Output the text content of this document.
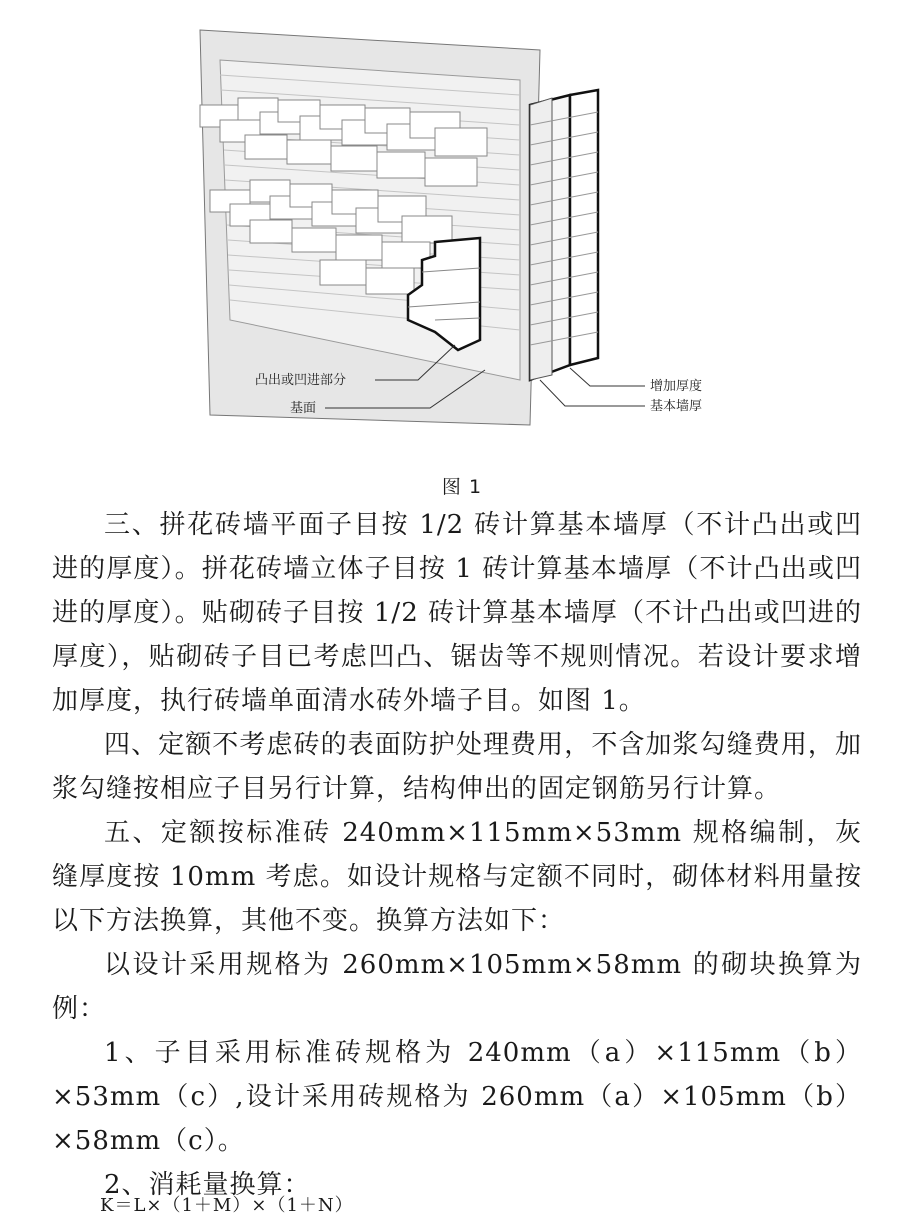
凸出或凹进部分
基面
增加厚度
基本墙厚
图 1

三、拼花砖墙平面子目按 1/2 砖计算基本墙厚（不计凸出或凹进的厚度）。拼花砖墙立体子目按 1 砖计算基本墙厚（不计凸出或凹进的厚度）。贴砌砖子目按 1/2 砖计算基本墙厚（不计凸出或凹进的厚度），贴砌砖子目已考虑凹凸、锯齿等不规则情况。若设计要求增加厚度，执行砖墙单面清水砖外墙子目。如图 1。

四、定额不考虑砖的表面防护处理费用，不含加浆勾缝费用，加浆勾缝按相应子目另行计算，结构伸出的固定钢筋另行计算。

五、定额按标准砖 240mm×115mm×53mm 规格编制，灰缝厚度按 10mm 考虑。如设计规格与定额不同时，砌体材料用量按以下方法换算，其他不变。换算方法如下：

以设计采用规格为 260mm×105mm×58mm 的砌块换算为例：

1、子目采用标准砖规格为 240mm（a）×115mm（b）×53mm（c）,设计采用砖规格为 260mm（a）×105mm（b）×58mm（c）。

2、消耗量换算：

K＝L×（1＋M）×（1＋N）
